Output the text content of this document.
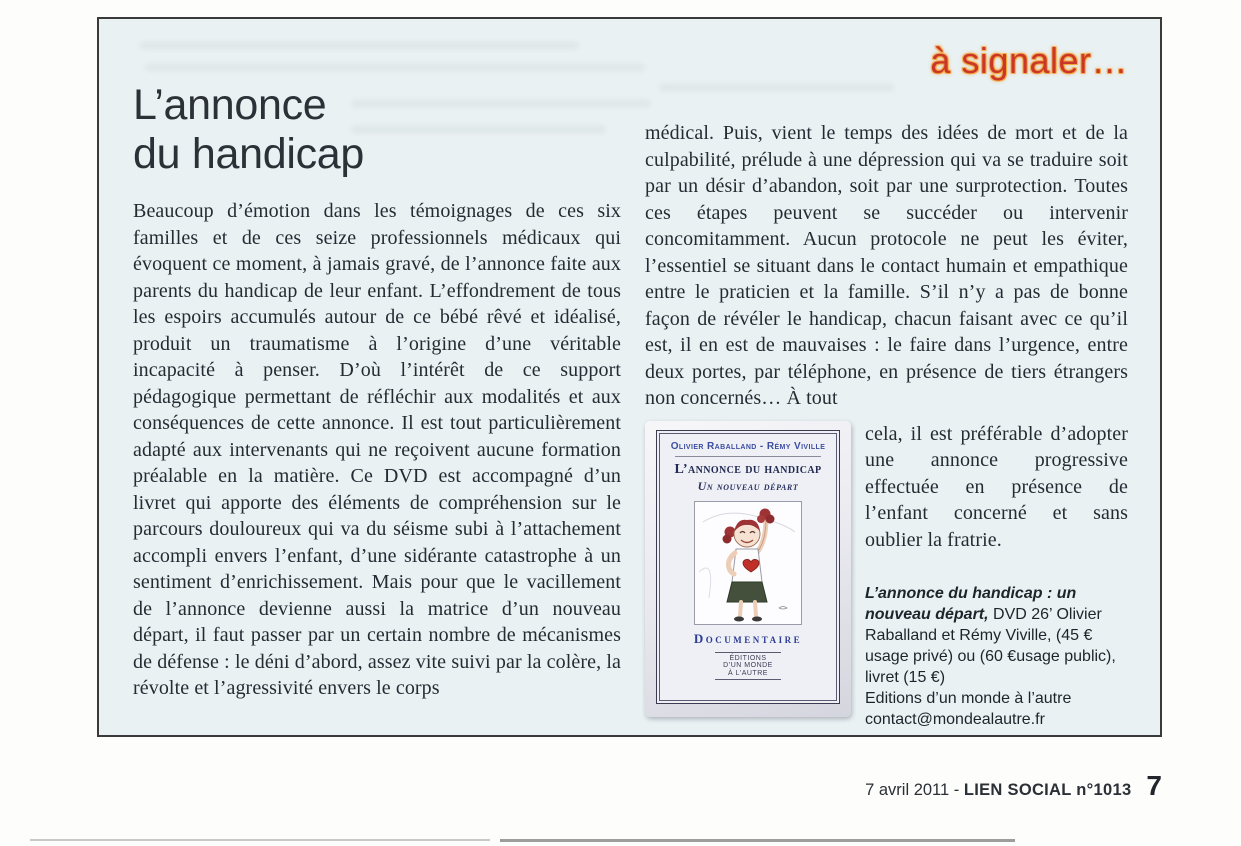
à signaler…
L’annonce
du handicap
Beaucoup d’émotion dans les témoignages de ces six familles et de ces seize professionnels médicaux qui évoquent ce moment, à jamais gravé, de l’annonce faite aux parents du handicap de leur enfant. L’effondrement de tous les espoirs accumulés autour de ce bébé rêvé et idéalisé, produit un traumatisme à l’origine d’une véritable incapacité à penser. D’où l’intérêt de ce support pédagogique permettant de réfléchir aux modalités et aux conséquences de cette annonce. Il est tout particulièrement adapté aux intervenants qui ne reçoivent aucune formation préalable en la matière. Ce DVD est accompagné d’un livret qui apporte des éléments de compréhension sur le parcours douloureux qui va du séisme subi à l’attachement accompli envers l’enfant, d’une sidérante catastrophe à un sentiment d’enrichissement. Mais pour que le vacillement de l’annonce devienne aussi la matrice d’un nouveau départ, il faut passer par un certain nombre de mécanismes de défense : le déni d’abord, assez vite suivi par la colère, la révolte et l’agressivité envers le corps

médical. Puis, vient le temps des idées de mort et de la culpabilité, prélude à une dépression qui va se traduire soit par un désir d’abandon, soit par une surprotection. Toutes ces étapes peuvent se succéder ou intervenir concomitamment. Aucun protocole ne peut les éviter, l’essentiel se situant dans le contact humain et empathique entre le praticien et la famille. S’il n’y a pas de bonne façon de révéler le handicap, chacun faisant avec ce qu’il est, il en est de mauvaises : le faire dans l’urgence, entre deux portes, par téléphone, en présence de tiers étrangers non concernés… À tout

Olivier Raballand - Rémy Viville
L’annonce du handicap
Un nouveau départ
Documentaire
ÉDITIONS
D’UN MONDE
À L’AUTRE

cela, il est préférable d’adopter une annonce progressive effectuée en présence de l’enfant concerné et sans oublier la fratrie.

L’annonce du handicap : un nouveau départ, DVD 26’ Olivier Raballand et Rémy Viville, (45 € usage privé) ou (60 €usage public), livret (15 €)
Editions d’un monde à l’autre
contact@mondealautre.fr
7 avril 2011 - LIEN SOCIAL n°1013 7
